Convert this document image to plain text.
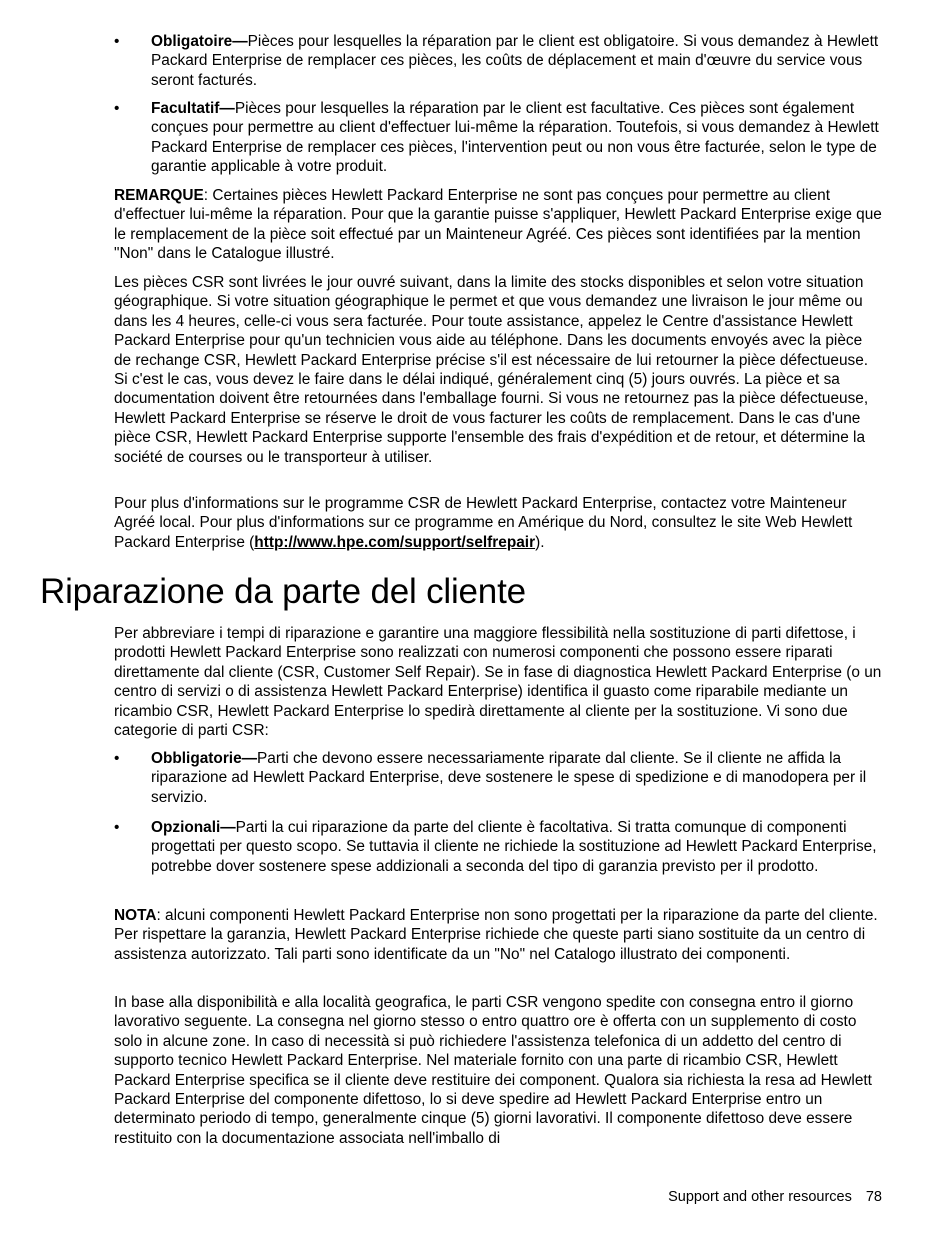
•	Obligatoire—Pièces pour lesquelles la réparation par le client est obligatoire. Si vous demandez à Hewlett Packard Enterprise de remplacer ces pièces, les coûts de déplacement et main d'œuvre du service vous seront facturés.

•	Facultatif—Pièces pour lesquelles la réparation par le client est facultative. Ces pièces sont également conçues pour permettre au client d'effectuer lui-même la réparation. Toutefois, si vous demandez à Hewlett Packard Enterprise de remplacer ces pièces, l'intervention peut ou non vous être facturée, selon le type de garantie applicable à votre produit.

REMARQUE: Certaines pièces Hewlett Packard Enterprise ne sont pas conçues pour permettre au client d'effectuer lui-même la réparation. Pour que la garantie puisse s'appliquer, Hewlett Packard Enterprise exige que le remplacement de la pièce soit effectué par un Mainteneur Agréé. Ces pièces sont identifiées par la mention "Non" dans le Catalogue illustré.

Les pièces CSR sont livrées le jour ouvré suivant, dans la limite des stocks disponibles et selon votre situation géographique. Si votre situation géographique le permet et que vous demandez une livraison le jour même ou dans les 4 heures, celle-ci vous sera facturée. Pour toute assistance, appelez le Centre d'assistance Hewlett Packard Enterprise pour qu'un technicien vous aide au téléphone. Dans les documents envoyés avec la pièce de rechange CSR, Hewlett Packard Enterprise précise s'il est nécessaire de lui retourner la pièce défectueuse. Si c'est le cas, vous devez le faire dans le délai indiqué, généralement cinq (5) jours ouvrés. La pièce et sa documentation doivent être retournées dans l'emballage fourni. Si vous ne retournez pas la pièce défectueuse, Hewlett Packard Enterprise se réserve le droit de vous facturer les coûts de remplacement. Dans le cas d'une pièce CSR, Hewlett Packard Enterprise supporte l'ensemble des frais d'expédition et de retour, et détermine la société de courses ou le transporteur à utiliser.

Pour plus d'informations sur le programme CSR de Hewlett Packard Enterprise, contactez votre Mainteneur Agréé local. Pour plus d'informations sur ce programme en Amérique du Nord, consultez le site Web Hewlett Packard Enterprise (http://www.hpe.com/support/selfrepair).

Riparazione da parte del cliente

Per abbreviare i tempi di riparazione e garantire una maggiore flessibilità nella sostituzione di parti difettose, i prodotti Hewlett Packard Enterprise sono realizzati con numerosi componenti che possono essere riparati direttamente dal cliente (CSR, Customer Self Repair). Se in fase di diagnostica Hewlett Packard Enterprise (o un centro di servizi o di assistenza Hewlett Packard Enterprise) identifica il guasto come riparabile mediante un ricambio CSR, Hewlett Packard Enterprise lo spedirà direttamente al cliente per la sostituzione. Vi sono due categorie di parti CSR:

•	Obbligatorie—Parti che devono essere necessariamente riparate dal cliente. Se il cliente ne affida la riparazione ad Hewlett Packard Enterprise, deve sostenere le spese di spedizione e di manodopera per il servizio.

•	Opzionali—Parti la cui riparazione da parte del cliente è facoltativa. Si tratta comunque di componenti progettati per questo scopo. Se tuttavia il cliente ne richiede la sostituzione ad Hewlett Packard Enterprise, potrebbe dover sostenere spese addizionali a seconda del tipo di garanzia previsto per il prodotto.

NOTA: alcuni componenti Hewlett Packard Enterprise non sono progettati per la riparazione da parte del cliente. Per rispettare la garanzia, Hewlett Packard Enterprise richiede che queste parti siano sostituite da un centro di assistenza autorizzato. Tali parti sono identificate da un "No" nel Catalogo illustrato dei componenti.

In base alla disponibilità e alla località geografica, le parti CSR vengono spedite con consegna entro il giorno lavorativo seguente. La consegna nel giorno stesso o entro quattro ore è offerta con un supplemento di costo solo in alcune zone. In caso di necessità si può richiedere l'assistenza telefonica di un addetto del centro di supporto tecnico Hewlett Packard Enterprise. Nel materiale fornito con una parte di ricambio CSR, Hewlett Packard Enterprise specifica se il cliente deve restituire dei component. Qualora sia richiesta la resa ad Hewlett Packard Enterprise del componente difettoso, lo si deve spedire ad Hewlett Packard Enterprise entro un determinato periodo di tempo, generalmente cinque (5) giorni lavorativi. Il componente difettoso deve essere restituito con la documentazione associata nell'imballo di

Support and other resources 78
